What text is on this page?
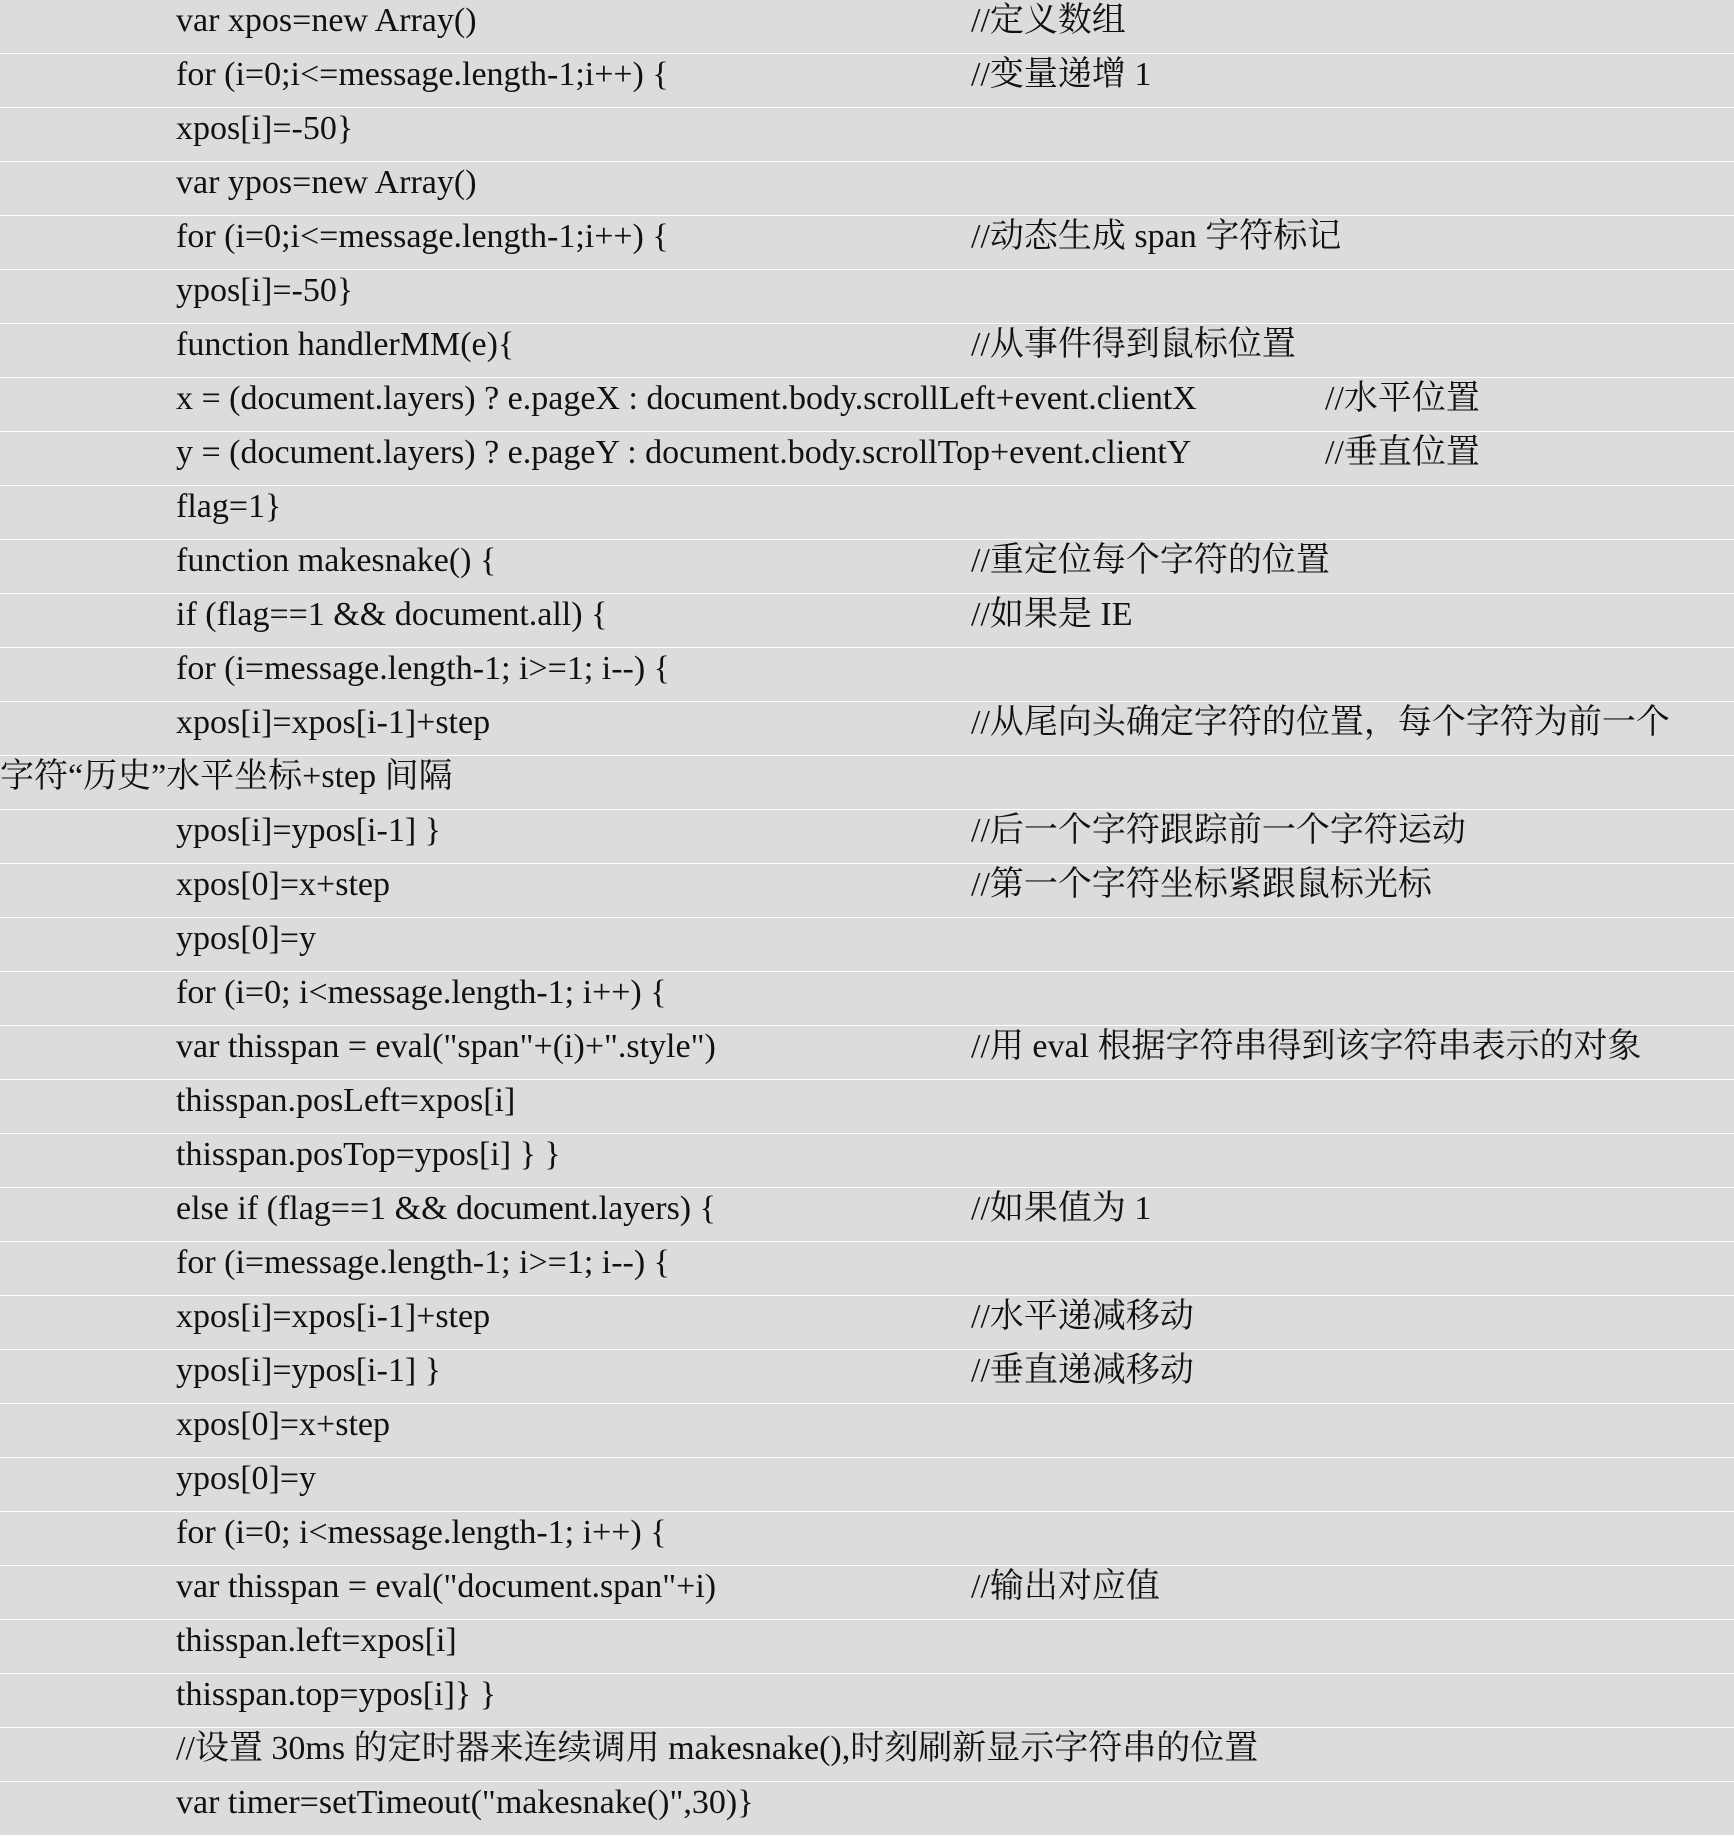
var xpos=new Array()	//定义数组
for (i=0;i<=message.length-1;i++) {	//变量递增 1
xpos[i]=-50}
var ypos=new Array()
for (i=0;i<=message.length-1;i++) {	//动态生成 span 字符标记
ypos[i]=-50}
function handlerMM(e){	//从事件得到鼠标位置
x = (document.layers) ? e.pageX : document.body.scrollLeft+event.clientX	//水平位置
y = (document.layers) ? e.pageY : document.body.scrollTop+event.clientY	//垂直位置
flag=1}
function makesnake() {	//重定位每个字符的位置
if (flag==1 && document.all) {	//如果是 IE
for (i=message.length-1; i>=1; i--) {
xpos[i]=xpos[i-1]+step	//从尾向头确定字符的位置，每个字符为前一个
字符“历史”水平坐标+step 间隔
ypos[i]=ypos[i-1] }	//后一个字符跟踪前一个字符运动
xpos[0]=x+step	//第一个字符坐标紧跟鼠标光标
ypos[0]=y
for (i=0; i<message.length-1; i++) {
var thisspan = eval("span"+(i)+".style")	//用 eval 根据字符串得到该字符串表示的对象
thisspan.posLeft=xpos[i]
thisspan.posTop=ypos[i] } }
else if (flag==1 && document.layers) {	//如果值为 1
for (i=message.length-1; i>=1; i--) {
xpos[i]=xpos[i-1]+step	//水平递减移动
ypos[i]=ypos[i-1] }	//垂直递减移动
xpos[0]=x+step
ypos[0]=y
for (i=0; i<message.length-1; i++) {
var thisspan = eval("document.span"+i)	//输出对应值
thisspan.left=xpos[i]
thisspan.top=ypos[i]} }
//设置 30ms 的定时器来连续调用 makesnake(),时刻刷新显示字符串的位置
var timer=setTimeout("makesnake()",30)}
